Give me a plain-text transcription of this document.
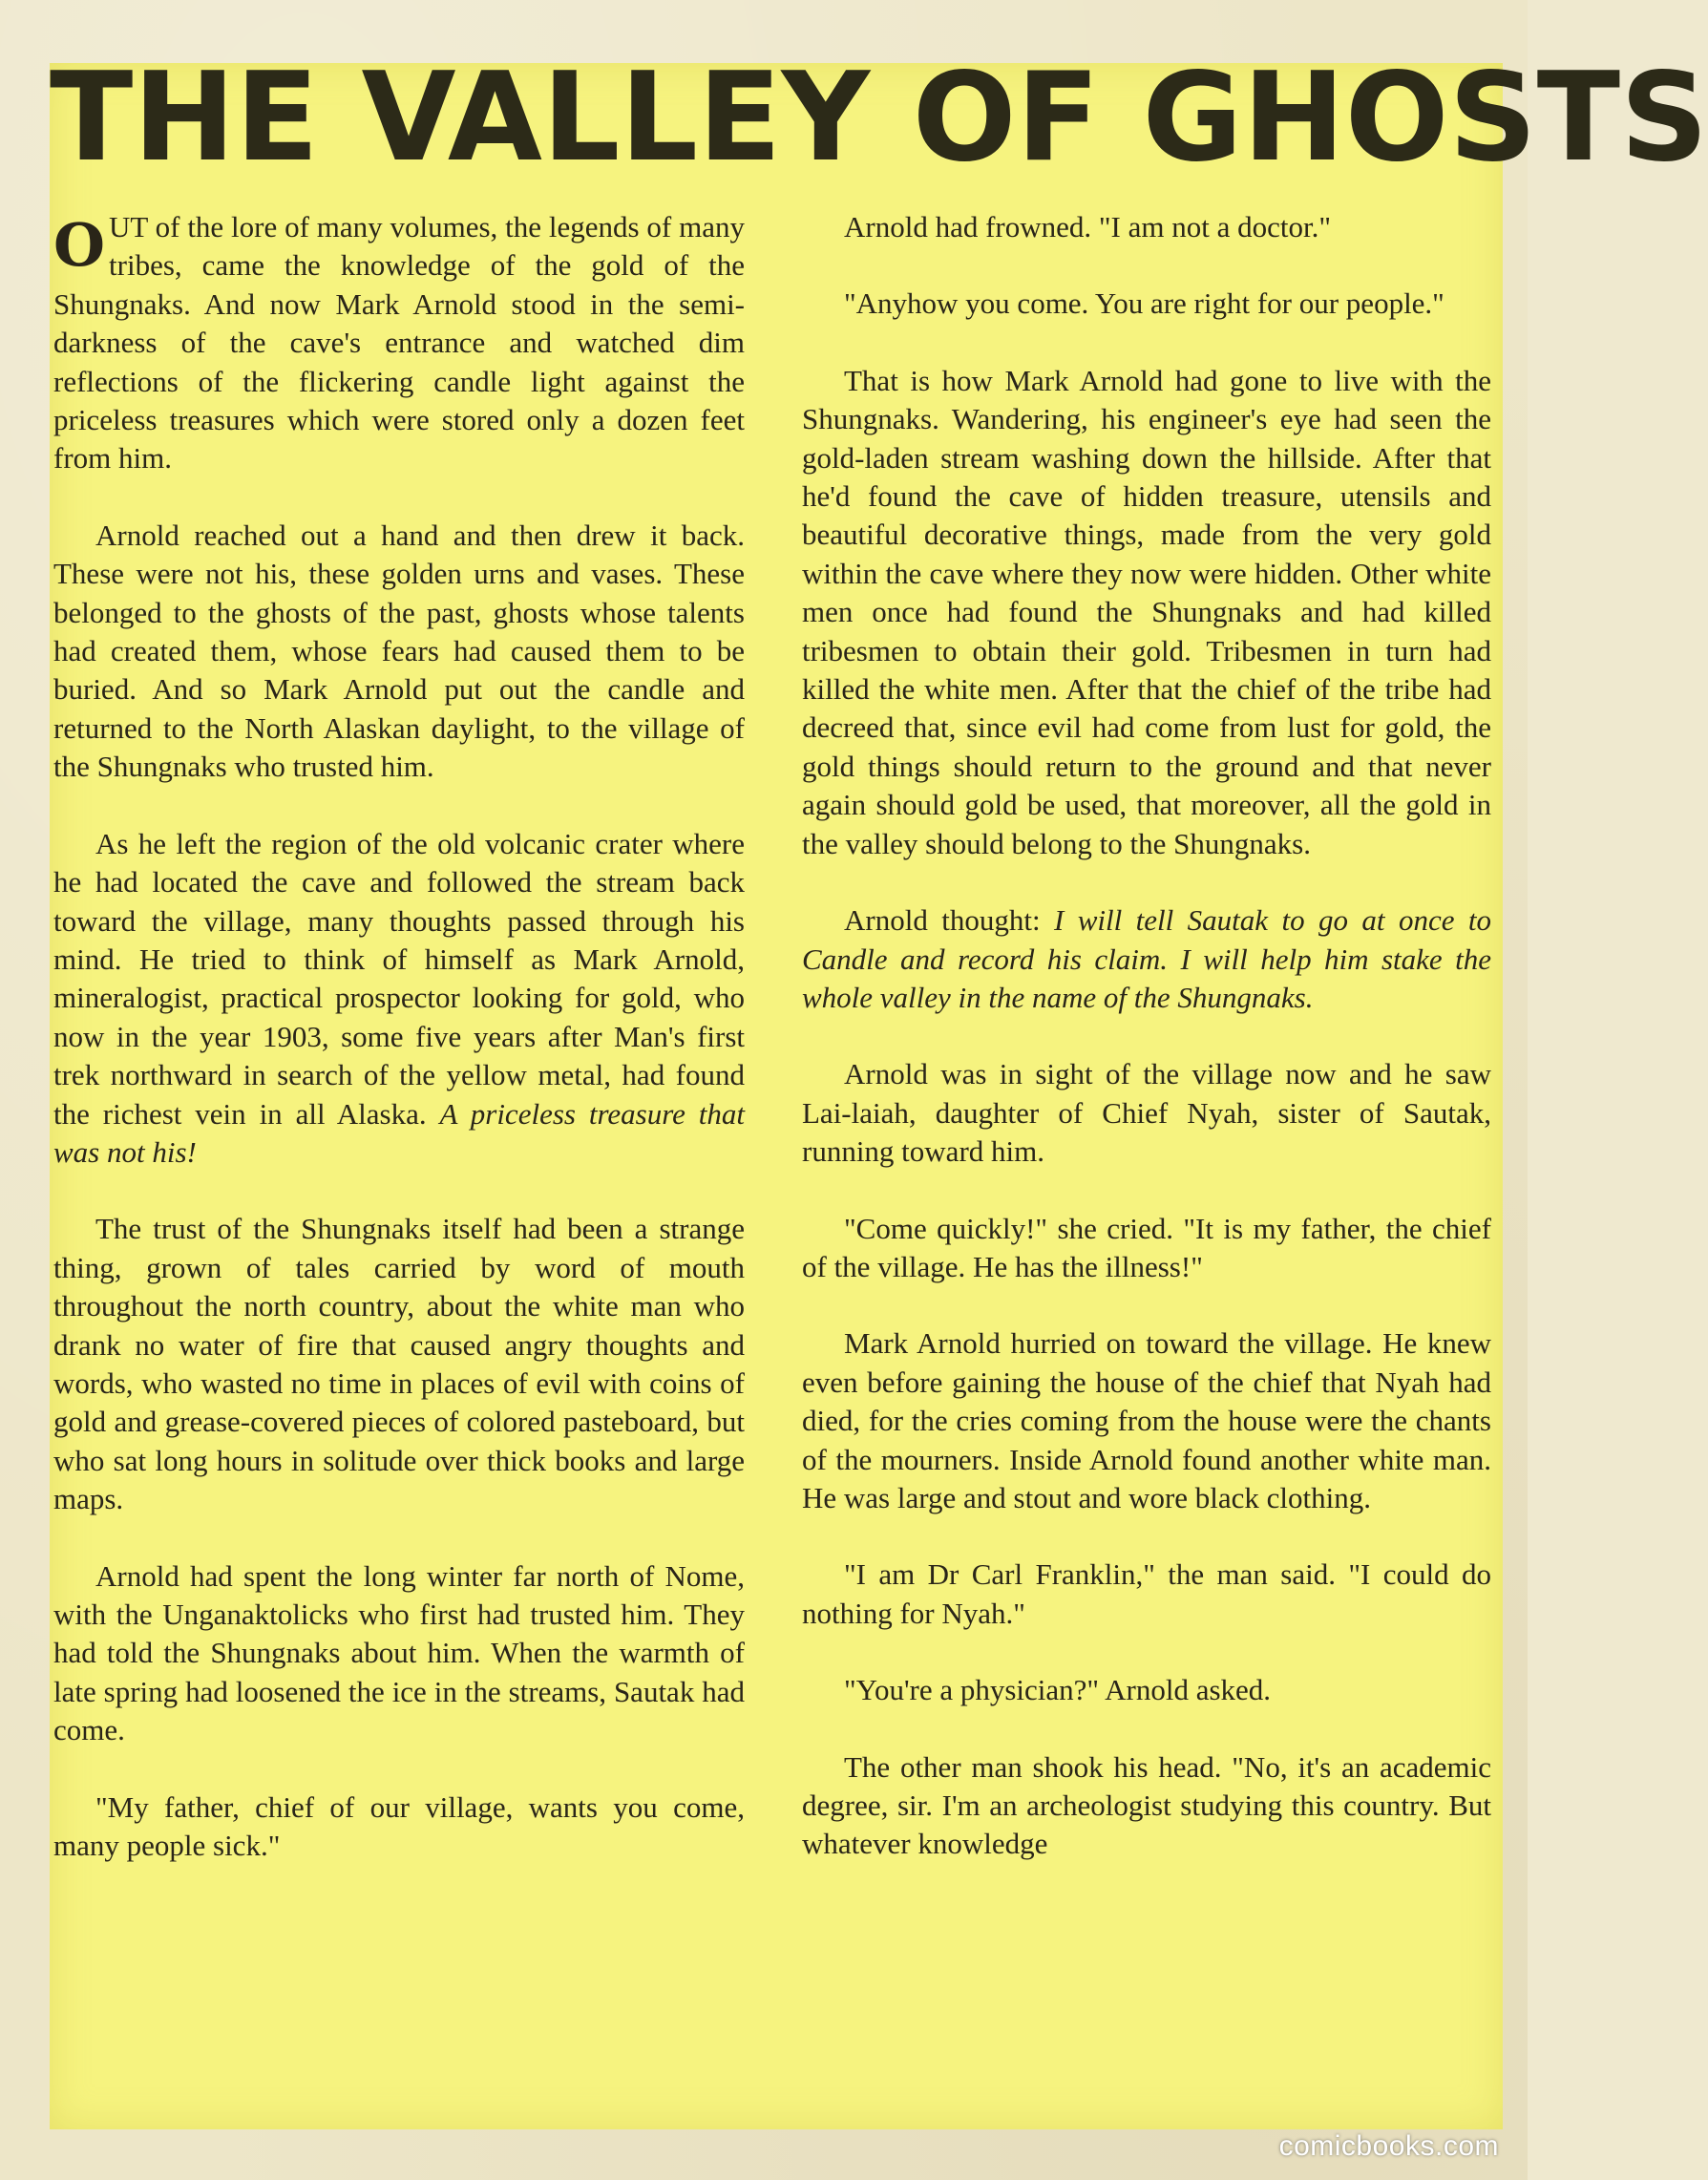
THE VALLEY OF GHOSTS

OUT of the lore of many volumes, the legends of many tribes, came the knowledge of the gold of the Shungnaks. And now Mark Arnold stood in the semi-darkness of the cave's entrance and watched dim reflections of the flickering candle light against the priceless treasures which were stored only a dozen feet from him.

Arnold reached out a hand and then drew it back. These were not his, these golden urns and vases. These belonged to the ghosts of the past, ghosts whose talents had created them, whose fears had caused them to be buried. And so Mark Arnold put out the candle and returned to the North Alaskan daylight, to the village of the Shungnaks who trusted him.

As he left the region of the old volcanic crater where he had located the cave and followed the stream back toward the village, many thoughts passed through his mind. He tried to think of himself as Mark Arnold, mineralogist, practical prospector looking for gold, who now in the year 1903, some five years after Man's first trek northward in search of the yellow metal, had found the richest vein in all Alaska. A priceless treasure that was not his!

The trust of the Shungnaks itself had been a strange thing, grown of tales carried by word of mouth throughout the north country, about the white man who drank no water of fire that caused angry thoughts and words, who wasted no time in places of evil with coins of gold and grease-covered pieces of colored pasteboard, but who sat long hours in solitude over thick books and large maps.

Arnold had spent the long winter far north of Nome, with the Unganaktolicks who first had trusted him. They had told the Shungnaks about him. When the warmth of late spring had loosened the ice in the streams, Sautak had come.

"My father, chief of our village, wants you come, many people sick."

Arnold had frowned. "I am not a doctor."

"Anyhow you come. You are right for our people."

That is how Mark Arnold had gone to live with the Shungnaks. Wandering, his engineer's eye had seen the gold-laden stream washing down the hillside. After that he'd found the cave of hidden treasure, utensils and beautiful decorative things, made from the very gold within the cave where they now were hidden. Other white men once had found the Shungnaks and had killed tribesmen to obtain their gold. Tribesmen in turn had killed the white men. After that the chief of the tribe had decreed that, since evil had come from lust for gold, the gold things should return to the ground and that never again should gold be used, that moreover, all the gold in the valley should belong to the Shungnaks.

Arnold thought: I will tell Sautak to go at once to Candle and record his claim. I will help him stake the whole valley in the name of the Shungnaks.

Arnold was in sight of the village now and he saw Lai-laiah, daughter of Chief Nyah, sister of Sautak, running toward him.

"Come quickly!" she cried. "It is my father, the chief of the village. He has the illness!"

Mark Arnold hurried on toward the village. He knew even before gaining the house of the chief that Nyah had died, for the cries coming from the house were the chants of the mourners. Inside Arnold found another white man. He was large and stout and wore black clothing.

"I am Dr Carl Franklin," the man said. "I could do nothing for Nyah."

"You're a physician?" Arnold asked.

The other man shook his head. "No, it's an academic degree, sir. I'm an archeologist studying this country. But whatever knowledge

comicbooks.com
